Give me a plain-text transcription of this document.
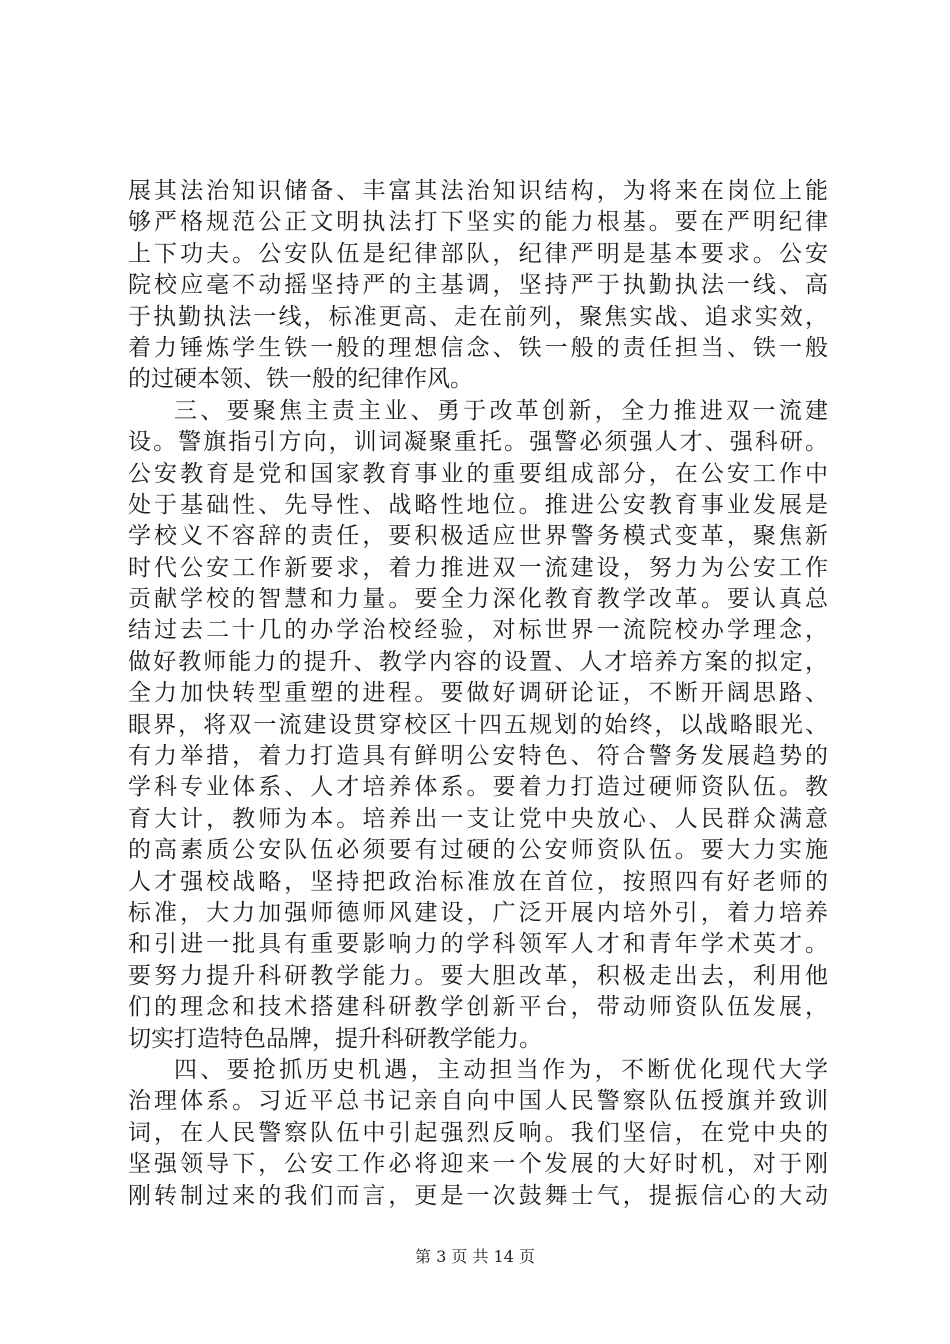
展其法治知识储备、丰富其法治知识结构，为将来在岗位上能
够严格规范公正文明执法打下坚实的能力根基。要在严明纪律
上下功夫。公安队伍是纪律部队，纪律严明是基本要求。公安
院校应毫不动摇坚持严的主基调，坚持严于执勤执法一线、高
于执勤执法一线，标准更高、走在前列，聚焦实战、追求实效，
着力锤炼学生铁一般的理想信念、铁一般的责任担当、铁一般
的过硬本领、铁一般的纪律作风。
三、要聚焦主责主业、勇于改革创新，全力推进双一流建
设。警旗指引方向，训词凝聚重托。强警必须强人才、强科研。
公安教育是党和国家教育事业的重要组成部分，在公安工作中
处于基础性、先导性、战略性地位。推进公安教育事业发展是
学校义不容辞的责任，要积极适应世界警务模式变革，聚焦新
时代公安工作新要求，着力推进双一流建设，努力为公安工作
贡献学校的智慧和力量。要全力深化教育教学改革。要认真总
结过去二十几的办学治校经验，对标世界一流院校办学理念，
做好教师能力的提升、教学内容的设置、人才培养方案的拟定，
全力加快转型重塑的进程。要做好调研论证，不断开阔思路、
眼界，将双一流建设贯穿校区十四五规划的始终，以战略眼光、
有力举措，着力打造具有鲜明公安特色、符合警务发展趋势的
学科专业体系、人才培养体系。要着力打造过硬师资队伍。教
育大计，教师为本。培养出一支让党中央放心、人民群众满意
的高素质公安队伍必须要有过硬的公安师资队伍。要大力实施
人才强校战略，坚持把政治标准放在首位，按照四有好老师的
标准，大力加强师德师风建设，广泛开展内培外引，着力培养
和引进一批具有重要影响力的学科领军人才和青年学术英才。
要努力提升科研教学能力。要大胆改革，积极走出去，利用他
们的理念和技术搭建科研教学创新平台，带动师资队伍发展，
切实打造特色品牌，提升科研教学能力。
四、要抢抓历史机遇，主动担当作为，不断优化现代大学
治理体系。习近平总书记亲自向中国人民警察队伍授旗并致训
词，在人民警察队伍中引起强烈反响。我们坚信，在党中央的
坚强领导下，公安工作必将迎来一个发展的大好时机，对于刚
刚转制过来的我们而言，更是一次鼓舞士气，提振信心的大动
第 3 页 共 14 页
